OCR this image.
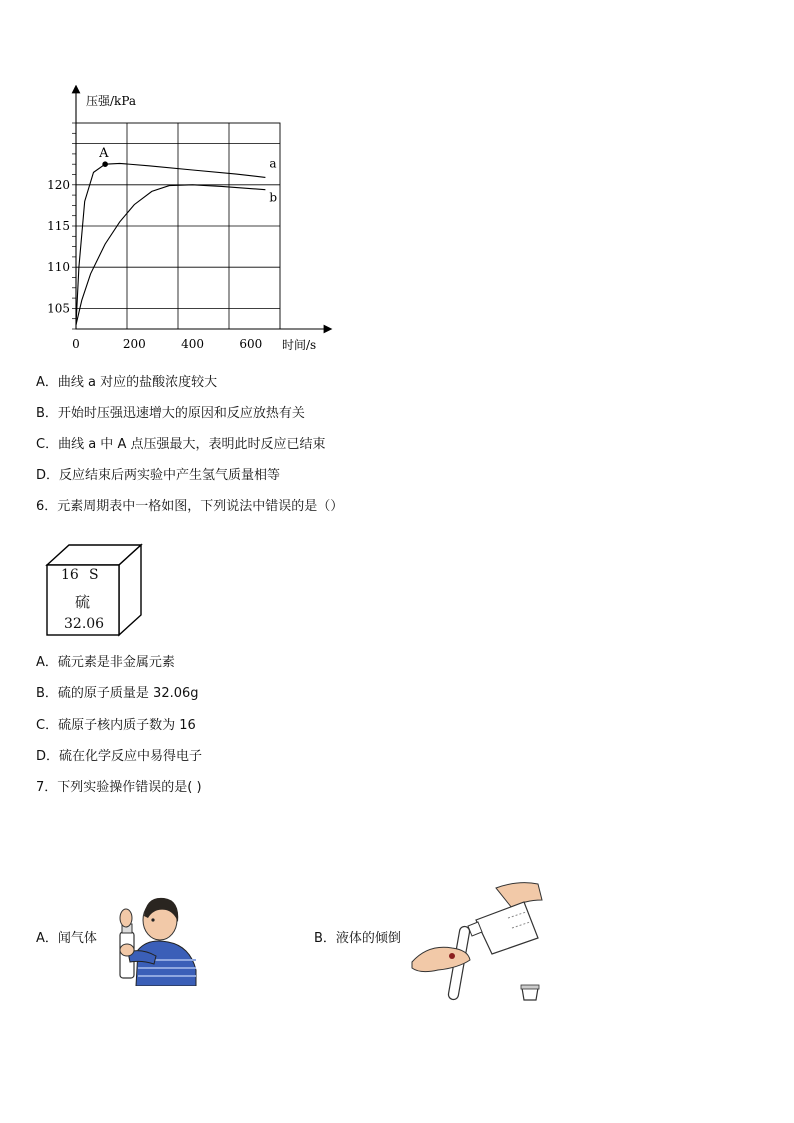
压强/kPa
时间/s
0	200	400	600
105
110
115
120
a
b
A
A．曲线 a 对应的盐酸浓度较大
B．开始时压强迅速增大的原因和反应放热有关
C．曲线 a 中 A 点压强最大，表明此时反应已结束
D．反应结束后两实验中产生氢气质量相等
6．元素周期表中一格如图，下列说法中错误的是（）
16 S
硫
32.06
A．硫元素是非金属元素
B．硫的原子质量是 32.06g
C．硫原子核内质子数为 16
D．硫在化学反应中易得电子
7．下列实验操作错误的是( )
A．闻气体	B．液体的倾倒
